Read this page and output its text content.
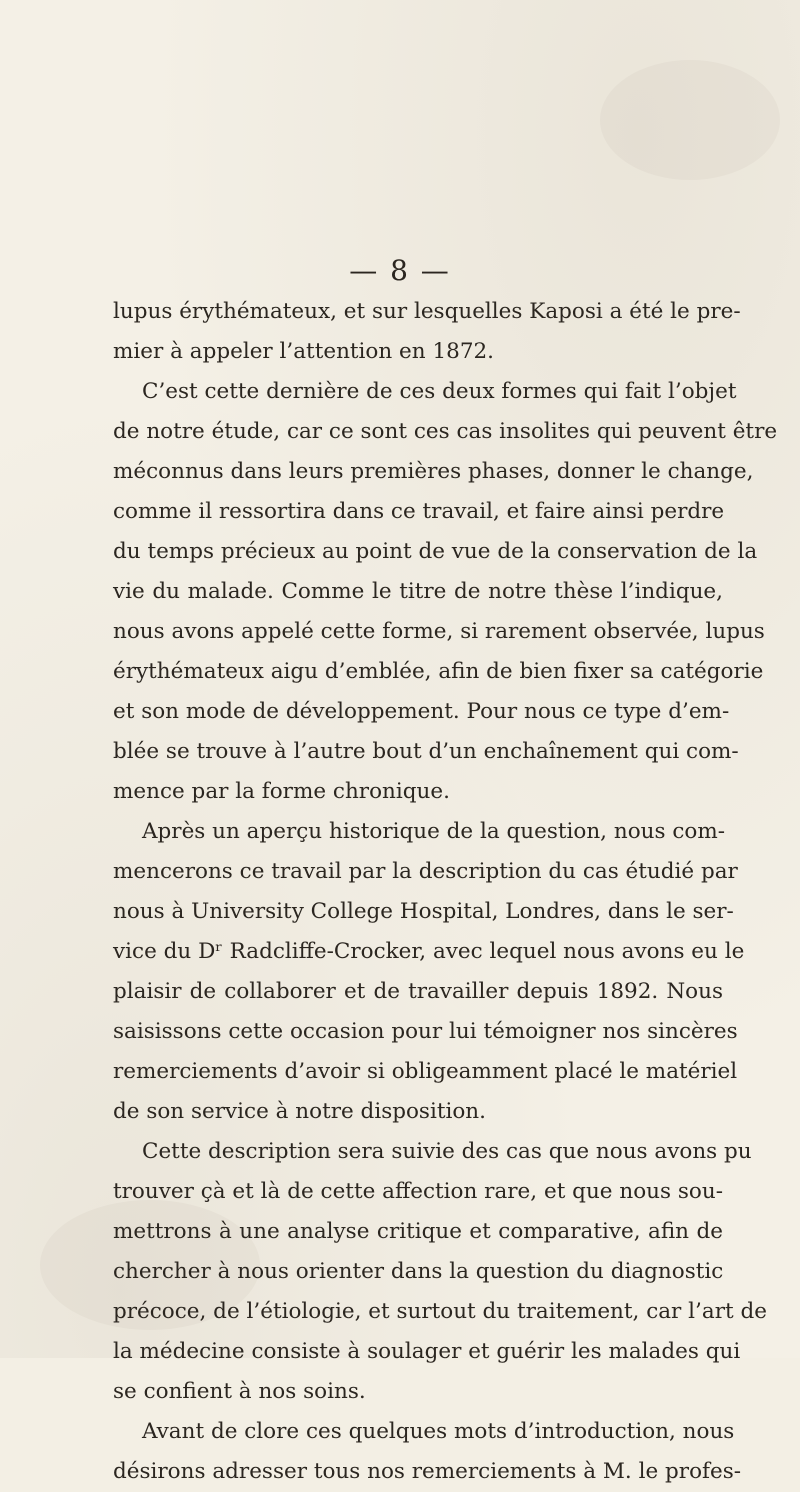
— 8 —
lupus érythémateux, et sur lesquelles Kaposi a été le pre-
mier à appeler l’attention en 1872.
C’est cette dernière de ces deux formes qui fait l’objet
de notre étude, car ce sont ces cas insolites qui peuvent être
méconnus dans leurs premières phases, donner le change,
comme il ressortira dans ce travail, et faire ainsi perdre
du temps précieux au point de vue de la conservation de la
vie du malade. Comme le titre de notre thèse l’indique,
nous avons appelé cette forme, si rarement observée, lupus
érythémateux aigu d’emblée, afin de bien fixer sa catégorie
et son mode de développement. Pour nous ce type d’em-
blée se trouve à l’autre bout d’un enchaînement qui com-
mence par la forme chronique.
Après un aperçu historique de la question, nous com-
mencerons ce travail par la description du cas étudié par
nous à University College Hospital, Londres, dans le ser-
vice du Dʳ Radcliffe-Crocker, avec lequel nous avons eu le
plaisir de collaborer et de travailler depuis 1892. Nous
saisissons cette occasion pour lui témoigner nos sincères
remerciements d’avoir si obligeamment placé le matériel
de son service à notre disposition.
Cette description sera suivie des cas que nous avons pu
trouver çà et là de cette affection rare, et que nous sou-
mettrons à une analyse critique et comparative, afin de
chercher à nous orienter dans la question du diagnostic
précoce, de l’étiologie, et surtout du traitement, car l’art de
la médecine consiste à soulager et guérir les malades qui
se confient à nos soins.
Avant de clore ces quelques mots d’introduction, nous
désirons adresser tous nos remerciements à M. le profes-
